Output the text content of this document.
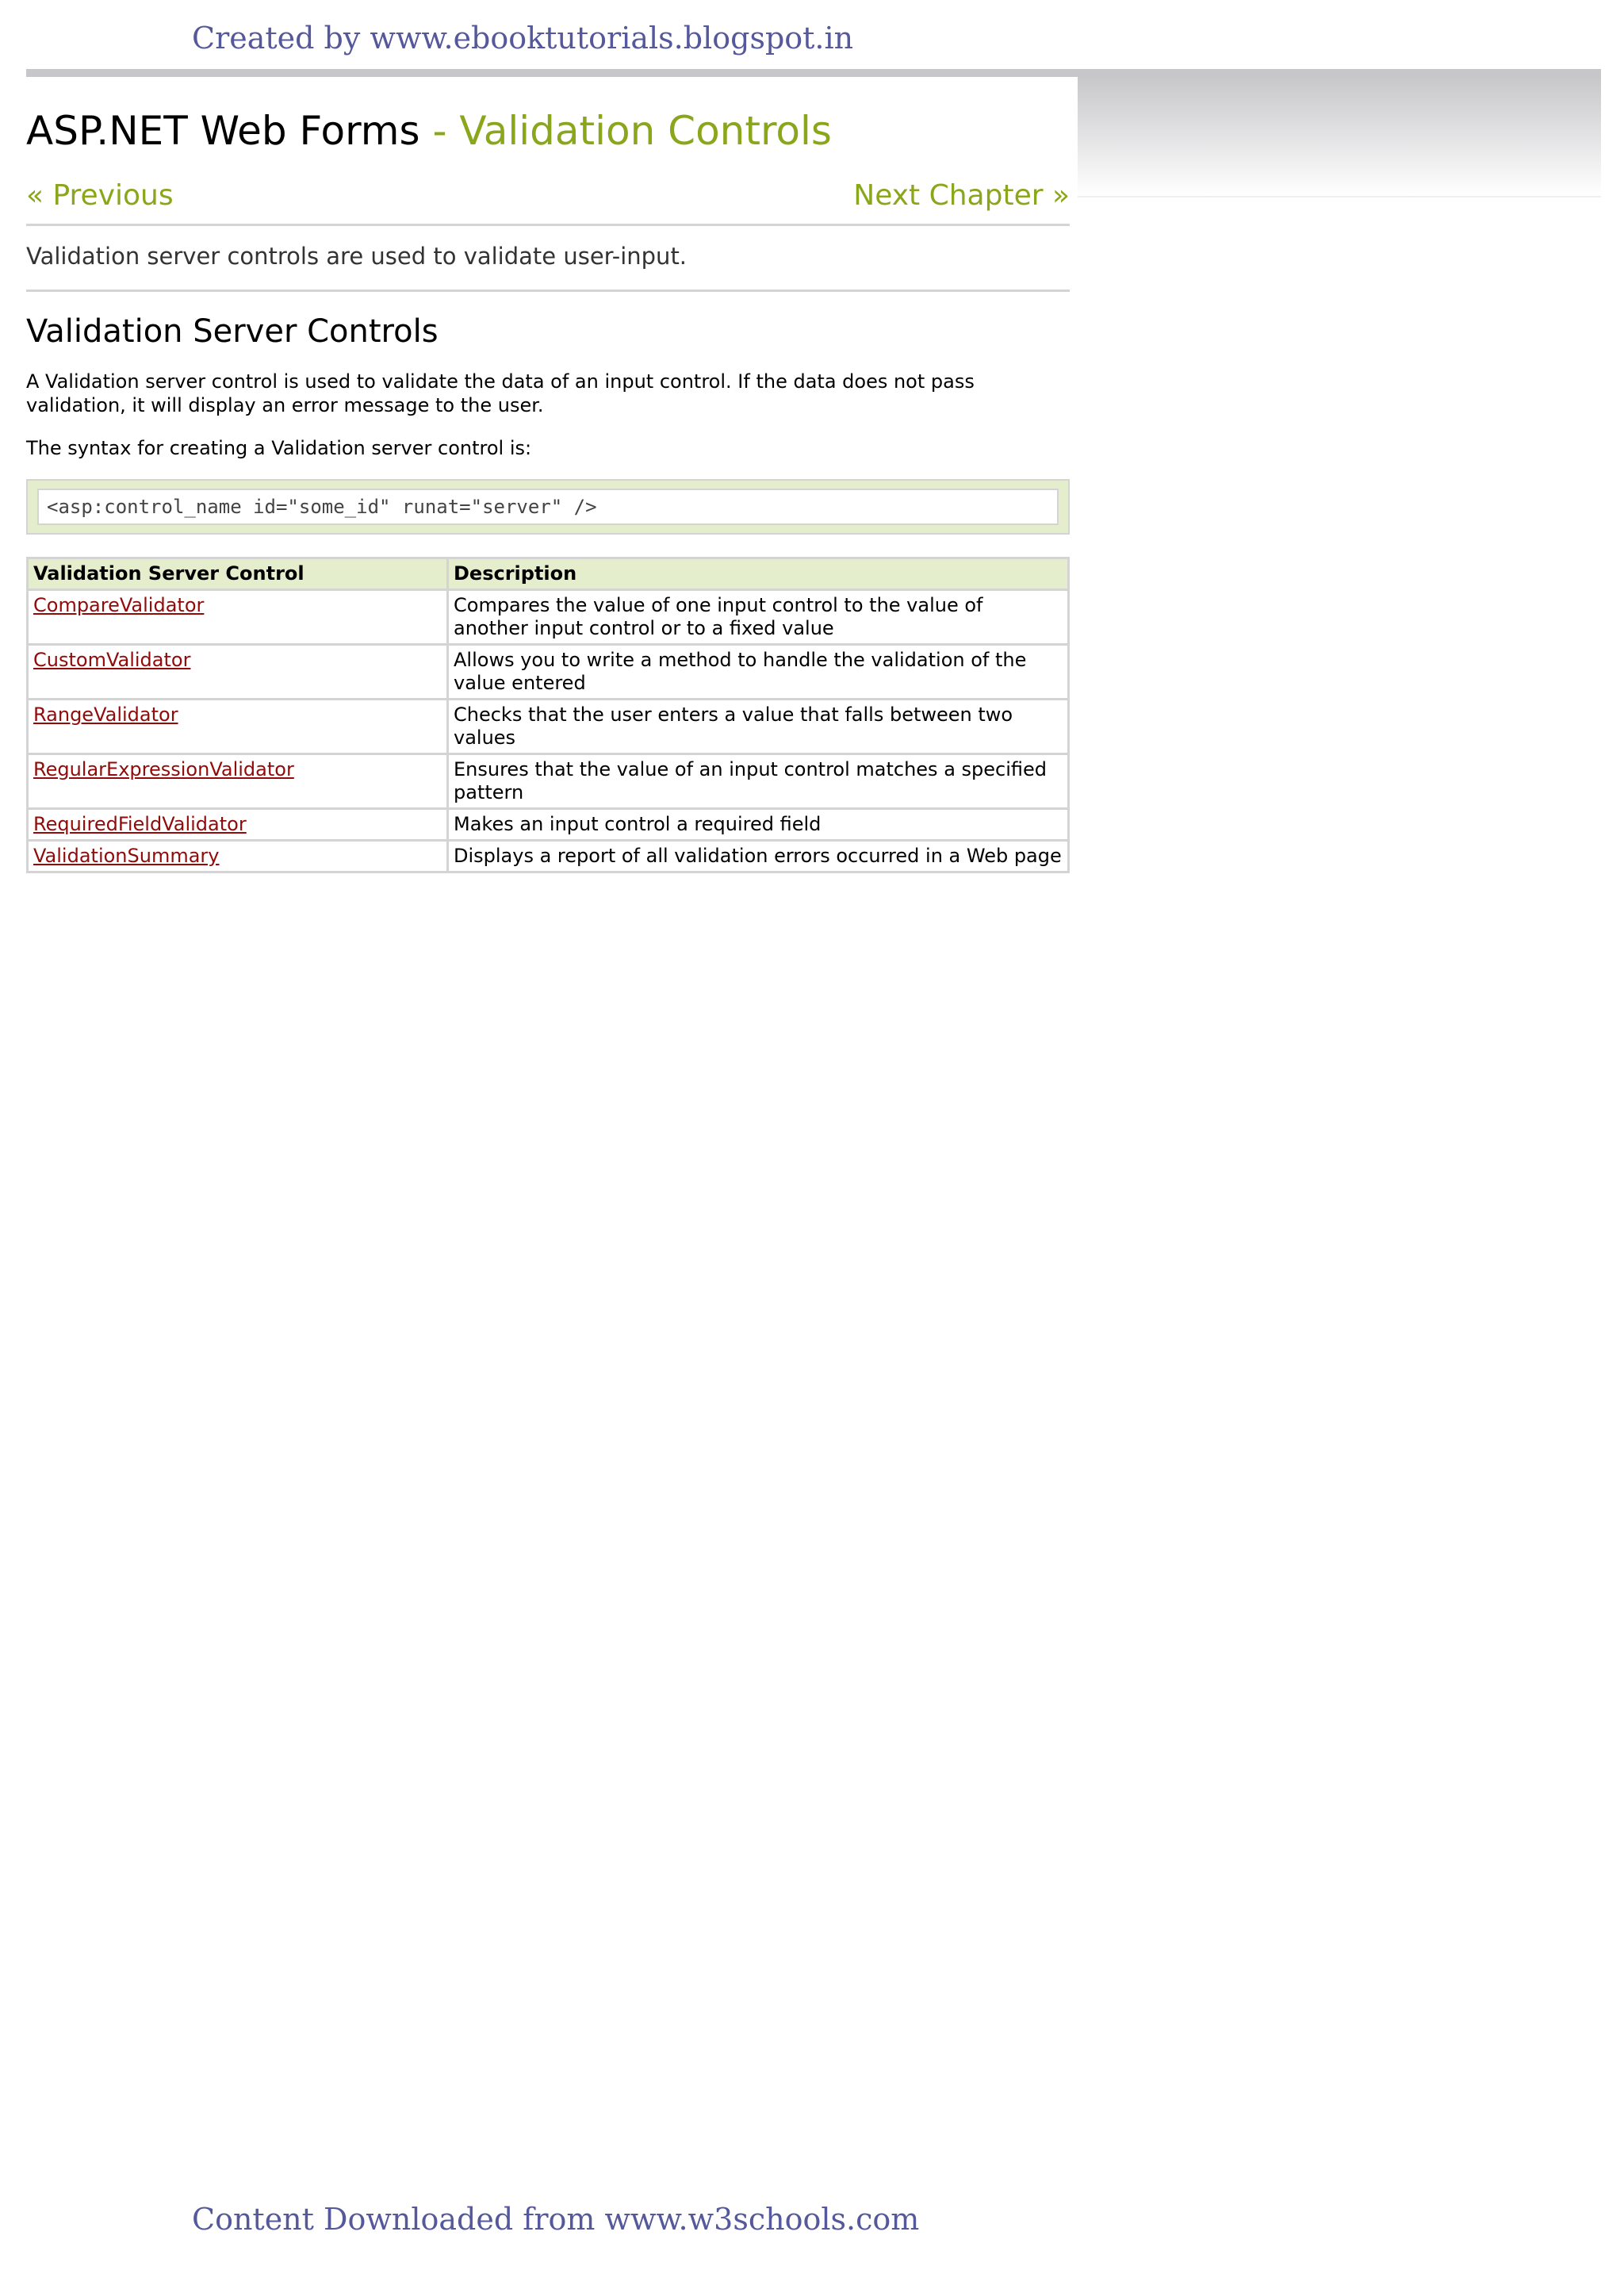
Created by www.ebooktutorials.blogspot.in
ASP.NET Web Forms - Validation Controls
« Previous	Next Chapter »

Validation server controls are used to validate user-input.

Validation Server Controls

A Validation server control is used to validate the data of an input control. If the data does not pass validation, it will display an error message to the user.

The syntax for creating a Validation server control is:

<asp:control_name id="some_id" runat="server" />
Validation Server Control	Description
CompareValidator	Compares the value of one input control to the value of another input control or to a fixed value
CustomValidator	Allows you to write a method to handle the validation of the value entered
RangeValidator	Checks that the user enters a value that falls between two values
RegularExpressionValidator	Ensures that the value of an input control matches a specified pattern
RequiredFieldValidator	Makes an input control a required field
ValidationSummary	Displays a report of all validation errors occurred in a Web page
Content Downloaded from www.w3schools.com
